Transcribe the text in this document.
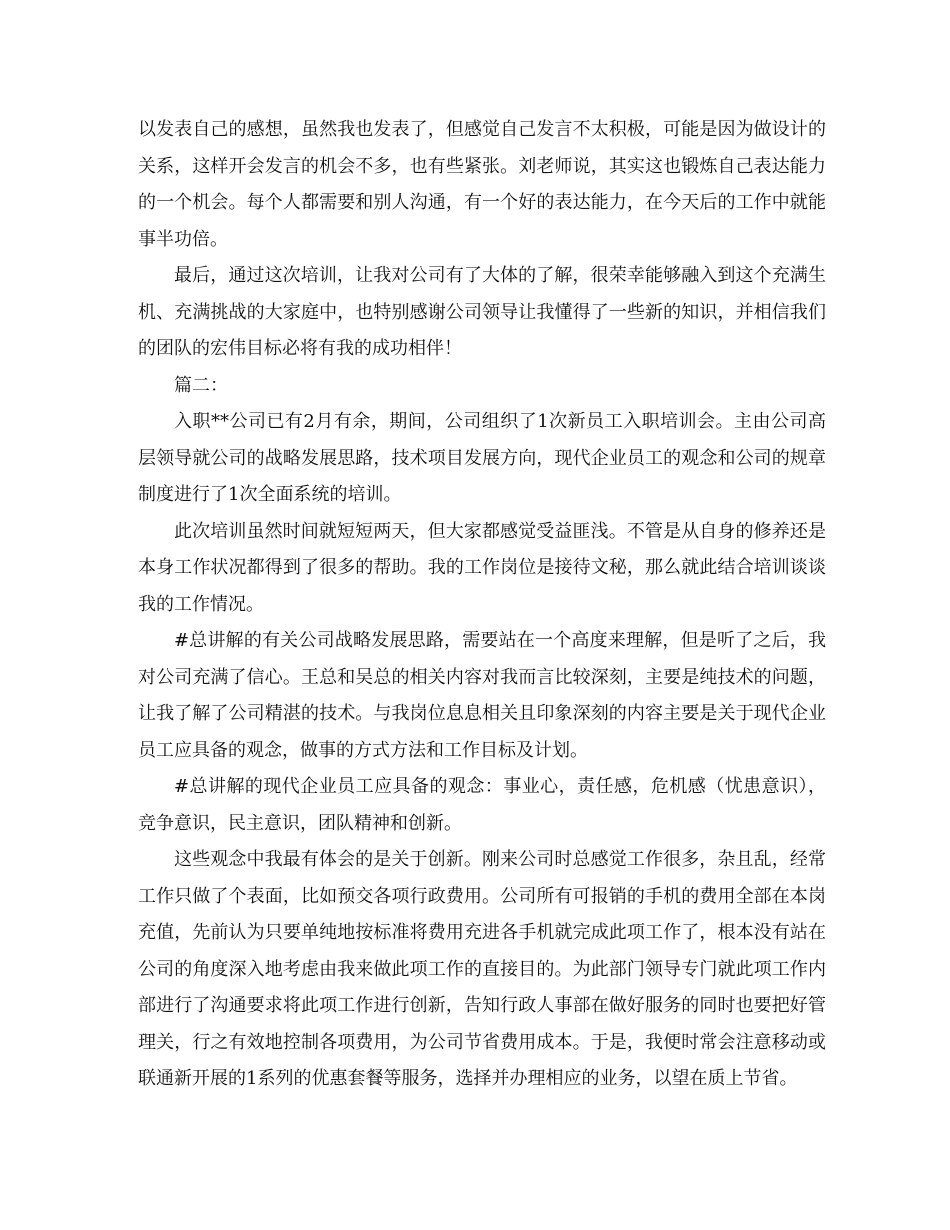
以发表自己的感想，虽然我也发表了，但感觉自己发言不太积极，可能是因为做设计的关系，这样开会发言的机会不多，也有些紧张。刘老师说，其实这也锻炼自己表达能力的一个机会。每个人都需要和别人沟通，有一个好的表达能力，在今天后的工作中就能事半功倍。

最后，通过这次培训，让我对公司有了大体的了解，很荣幸能够融入到这个充满生机、充满挑战的大家庭中，也特别感谢公司领导让我懂得了一些新的知识，并相信我们的团队的宏伟目标必将有我的成功相伴！

篇二：

入职**公司已有2月有余，期间，公司组织了1次新员工入职培训会。主由公司高层领导就公司的战略发展思路，技术项目发展方向，现代企业员工的观念和公司的规章制度进行了1次全面系统的培训。

此次培训虽然时间就短短两天，但大家都感觉受益匪浅。不管是从自身的修养还是本身工作状况都得到了很多的帮助。我的工作岗位是接待文秘，那么就此结合培训谈谈我的工作情况。

#总讲解的有关公司战略发展思路，需要站在一个高度来理解，但是听了之后，我对公司充满了信心。王总和吴总的相关内容对我而言比较深刻，主要是纯技术的问题，让我了解了公司精湛的技术。与我岗位息息相关且印象深刻的内容主要是关于现代企业员工应具备的观念，做事的方式方法和工作目标及计划。

#总讲解的现代企业员工应具备的观念：事业心，责任感，危机感（忧患意识），竞争意识，民主意识，团队精神和创新。

这些观念中我最有体会的是关于创新。刚来公司时总感觉工作很多，杂且乱，经常工作只做了个表面，比如预交各项行政费用。公司所有可报销的手机的费用全部在本岗充值，先前认为只要单纯地按标准将费用充进各手机就完成此项工作了，根本没有站在公司的角度深入地考虑由我来做此项工作的直接目的。为此部门领导专门就此项工作内部进行了沟通要求将此项工作进行创新，告知行政人事部在做好服务的同时也要把好管理关，行之有效地控制各项费用，为公司节省费用成本。于是，我便时常会注意移动或联通新开展的1系列的优惠套餐等服务，选择并办理相应的业务，以望在质上节省。
